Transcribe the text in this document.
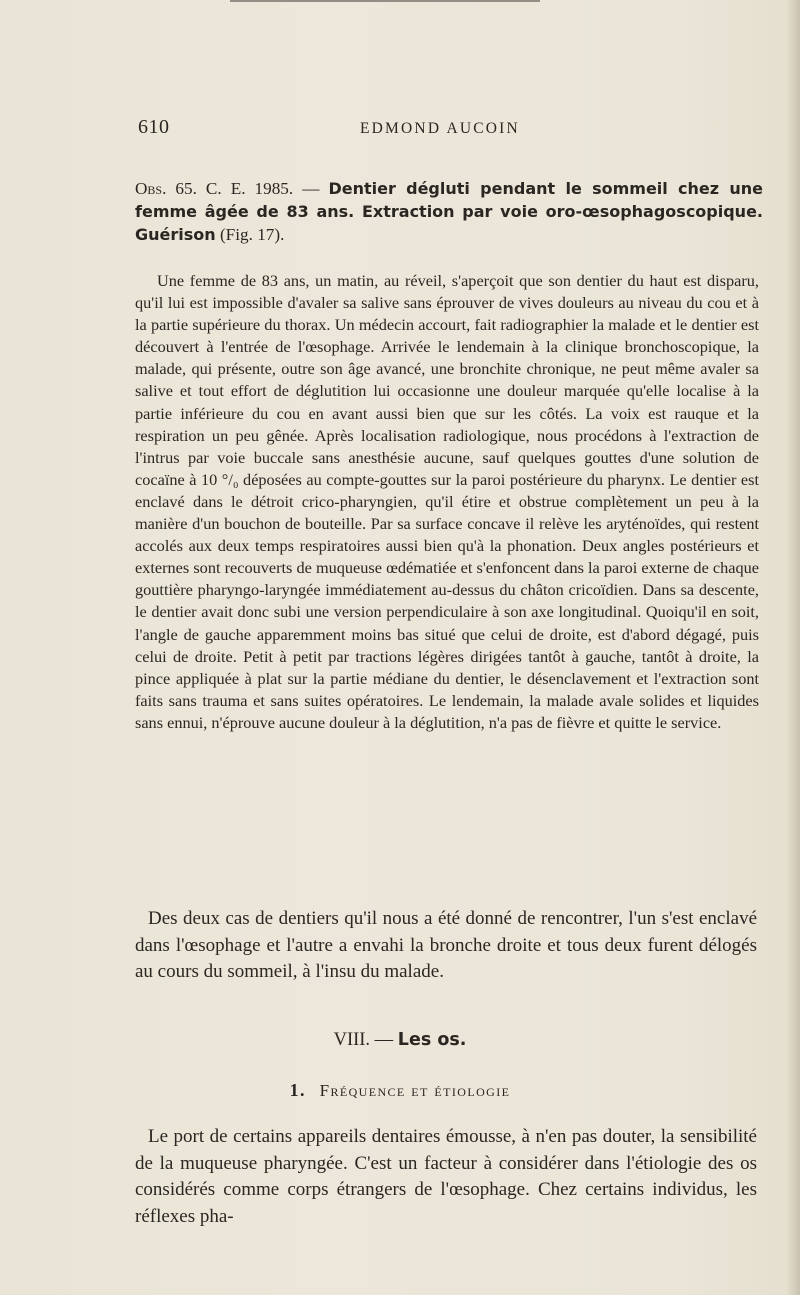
610	EDMOND AUCOIN
Obs. 65. C. E. 1985. — Dentier dégluti pendant le sommeil chez une femme âgée de 83 ans. Extraction par voie oro-œsophagoscopique. Guérison (Fig. 17).

Une femme de 83 ans, un matin, au réveil, s'aperçoit que son dentier du haut est disparu, qu'il lui est impossible d'avaler sa salive sans éprouver de vives douleurs au niveau du cou et à la partie supérieure du thorax. Un médecin accourt, fait radiographier la malade et le dentier est découvert à l'entrée de l'œsophage. Arrivée le lendemain à la clinique bronchoscopique, la malade, qui présente, outre son âge avancé, une bronchite chronique, ne peut même avaler sa salive et tout effort de déglutition lui occasionne une douleur marquée qu'elle localise à la partie inférieure du cou en avant aussi bien que sur les côtés. La voix est rauque et la respiration un peu gênée. Après localisation radiologique, nous procédons à l'extraction de l'intrus par voie buccale sans anesthésie aucune, sauf quelques gouttes d'une solution de cocaïne à 10 °/₀ déposées au compte-gouttes sur la paroi postérieure du pharynx. Le dentier est enclavé dans le détroit crico-pharyngien, qu'il étire et obstrue complètement un peu à la manière d'un bouchon de bouteille. Par sa surface concave il relève les aryténoïdes, qui restent accolés aux deux temps respiratoires aussi bien qu'à la phonation. Deux angles postérieurs et externes sont recouverts de muqueuse œdématiée et s'enfoncent dans la paroi externe de chaque gouttière pharyngo-laryngée immédiatement au-dessus du châton cricoïdien. Dans sa descente, le dentier avait donc subi une version perpendiculaire à son axe longitudinal. Quoiqu'il en soit, l'angle de gauche apparemment moins bas situé que celui de droite, est d'abord dégagé, puis celui de droite. Petit à petit par tractions légères dirigées tantôt à gauche, tantôt à droite, la pince appliquée à plat sur la partie médiane du dentier, le désenclavement et l'extraction sont faits sans trauma et sans suites opératoires. Le lendemain, la malade avale solides et liquides sans ennui, n'éprouve aucune douleur à la déglutition, n'a pas de fièvre et quitte le service.

Des deux cas de dentiers qu'il nous a été donné de rencontrer, l'un s'est enclavé dans l'œsophage et l'autre a envahi la bronche droite et tous deux furent délogés au cours du sommeil, à l'insu du malade.

VIII. — Les os.
1. Fréquence et étiologie

Le port de certains appareils dentaires émousse, à n'en pas douter, la sensibilité de la muqueuse pharyngée. C'est un facteur à considérer dans l'étiologie des os considérés comme corps étrangers de l'œsophage. Chez certains individus, les réflexes pha-
